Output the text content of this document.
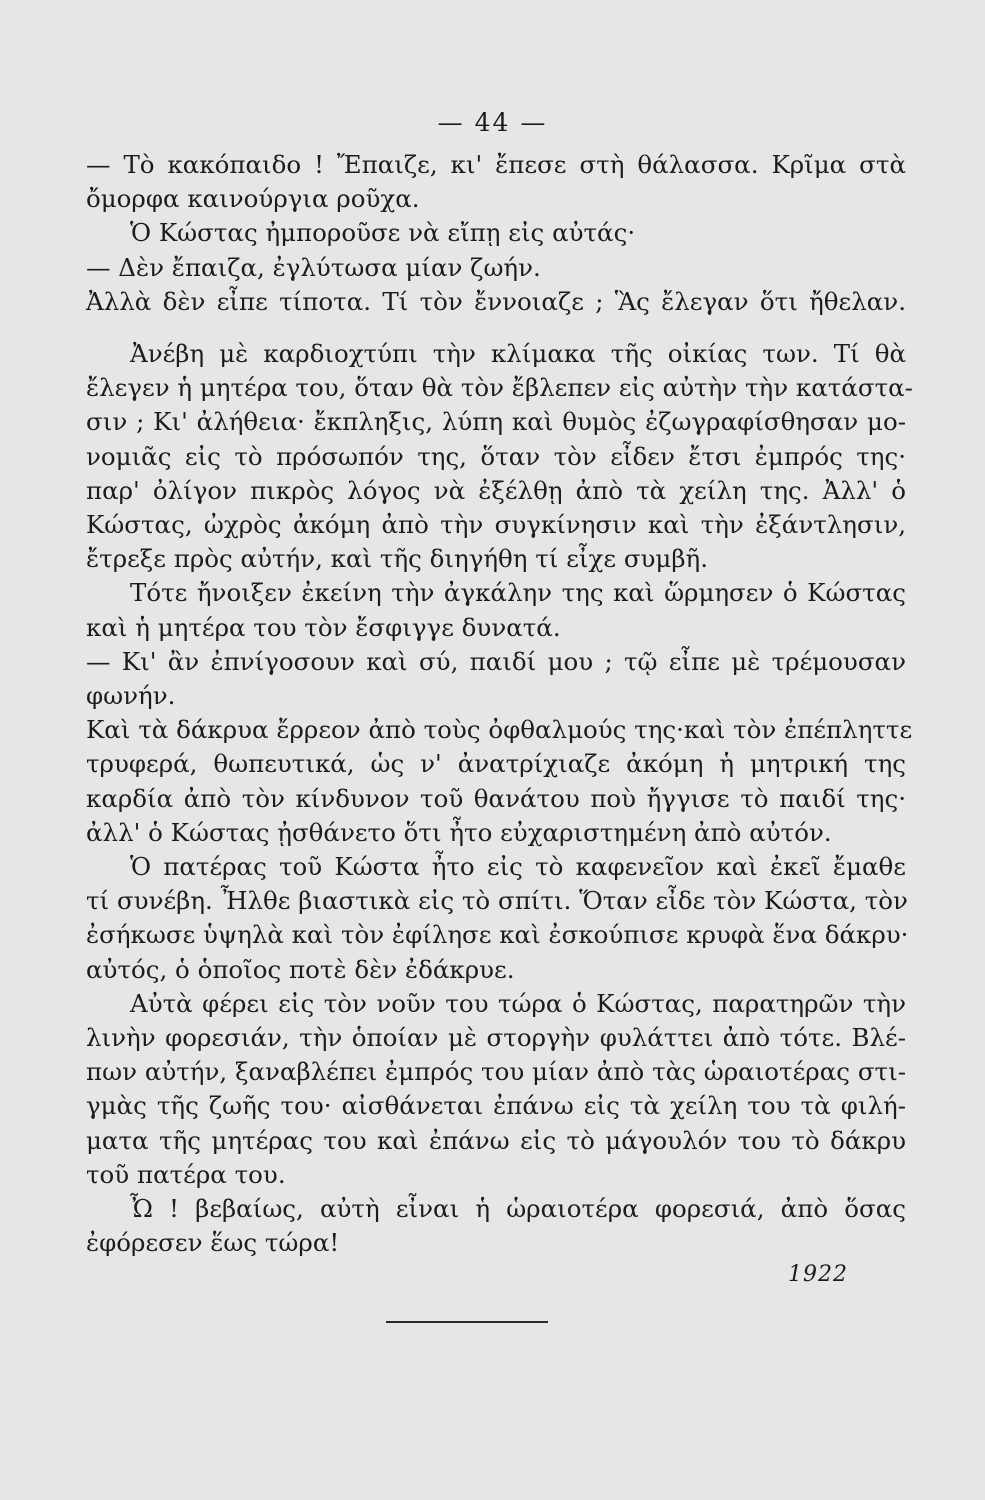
— 44 —
— Τὸ κακόπαιδο ! Ἔπαιζε, κι' ἔπεσε στὴ θάλασσα. Κρῖμα στὰ
ὄμορφα καινούργια ροῦχα.
Ὁ Κώστας ἠμποροῦσε νὰ εἴπῃ εἰς αὐτάς·
— Δὲν ἔπαιζα, ἐγλύτωσα μίαν ζωήν.
Ἀλλὰ δὲν εἶπε τίποτα. Τί τὸν ἔννοιαζε ; Ἃς ἔλεγαν ὅτι ἤθελαν.
Ἀνέβη μὲ καρδιοχτύπι τὴν κλίμακα τῆς οἰκίας των. Τί θὰ
ἔλεγεν ἡ μητέρα του, ὅταν θὰ τὸν ἔβλεπεν εἰς αὐτὴν τὴν κατάστα-
σιν ; Κι' ἀλήθεια· ἔκπληξις, λύπη καὶ θυμὸς ἐζωγραφίσθησαν μο-
νομιᾶς εἰς τὸ πρόσωπόν της, ὅταν τὸν εἶδεν ἔτσι ἐμπρός της·
παρ' ὀλίγον πικρὸς λόγος νὰ ἐξέλθῃ ἀπὸ τὰ χείλη της. Ἀλλ' ὁ
Κώστας, ὠχρὸς ἀκόμη ἀπὸ τὴν συγκίνησιν καὶ τὴν ἐξάντλησιν,
ἔτρεξε πρὸς αὐτήν, καὶ τῆς διηγήθη τί εἶχε συμβῆ.
Τότε ἤνοιξεν ἐκείνη τὴν ἀγκάλην της καὶ ὥρμησεν ὁ Κώστας
καὶ ἡ μητέρα του τὸν ἔσφιγγε δυνατά.
— Κι' ἂν ἐπνίγοσουν καὶ σύ, παιδί μου ; τῷ εἶπε μὲ τρέμουσαν
φωνήν.
Καὶ τὰ δάκρυα ἔρρεον ἀπὸ τοὺς ὀφθαλμούς της·καὶ τὸν ἐπέπληττε
τρυφερά, θωπευτικά, ὡς ν' ἀνατρίχιαζε ἀκόμη ἡ μητρική της
καρδία ἀπὸ τὸν κίνδυνον τοῦ θανάτου ποὺ ἤγγισε τὸ παιδί της·
ἀλλ' ὁ Κώστας ᾐσθάνετο ὅτι ἦτο εὐχαριστημένη ἀπὸ αὐτόν.
Ὁ πατέρας τοῦ Κώστα ἦτο εἰς τὸ καφενεῖον καὶ ἐκεῖ ἔμαθε
τί συνέβη. Ἦλθε βιαστικὰ εἰς τὸ σπίτι. Ὅταν εἶδε τὸν Κώστα, τὸν
ἐσήκωσε ὑψηλὰ καὶ τὸν ἐφίλησε καὶ ἐσκούπισε κρυφὰ ἕνα δάκρυ·
αὐτός, ὁ ὁποῖος ποτὲ δὲν ἐδάκρυε.
Αὐτὰ φέρει εἰς τὸν νοῦν του τώρα ὁ Κώστας, παρατηρῶν τὴν
λινὴν φορεσιάν, τὴν ὁποίαν μὲ στοργὴν φυλάττει ἀπὸ τότε. Βλέ-
πων αὐτήν, ξαναβλέπει ἐμπρός του μίαν ἀπὸ τὰς ὡραιοτέρας στι-
γμὰς τῆς ζωῆς του· αἰσθάνεται ἐπάνω εἰς τὰ χείλη του τὰ φιλή-
ματα τῆς μητέρας του καὶ ἐπάνω εἰς τὸ μάγουλόν του τὸ δάκρυ
τοῦ πατέρα του.
Ὦ ! βεβαίως, αὐτὴ εἶναι ἡ ὡραιοτέρα φορεσιά, ἀπὸ ὅσας
ἐφόρεσεν ἕως τώρα!
1922
